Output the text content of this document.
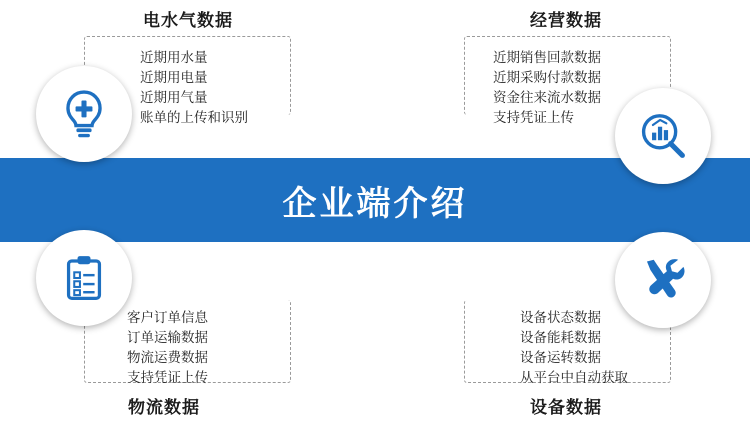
企业端介绍
电水气数据
近期用水量
近期用电量
近期用气量
账单的上传和识别
经营数据
近期销售回款数据
近期采购付款数据
资金往来流水数据
支持凭证上传
客户订单信息
订单运输数据
物流运费数据
支持凭证上传
物流数据
设备状态数据
设备能耗数据
设备运转数据
从平台中自动获取
设备数据
